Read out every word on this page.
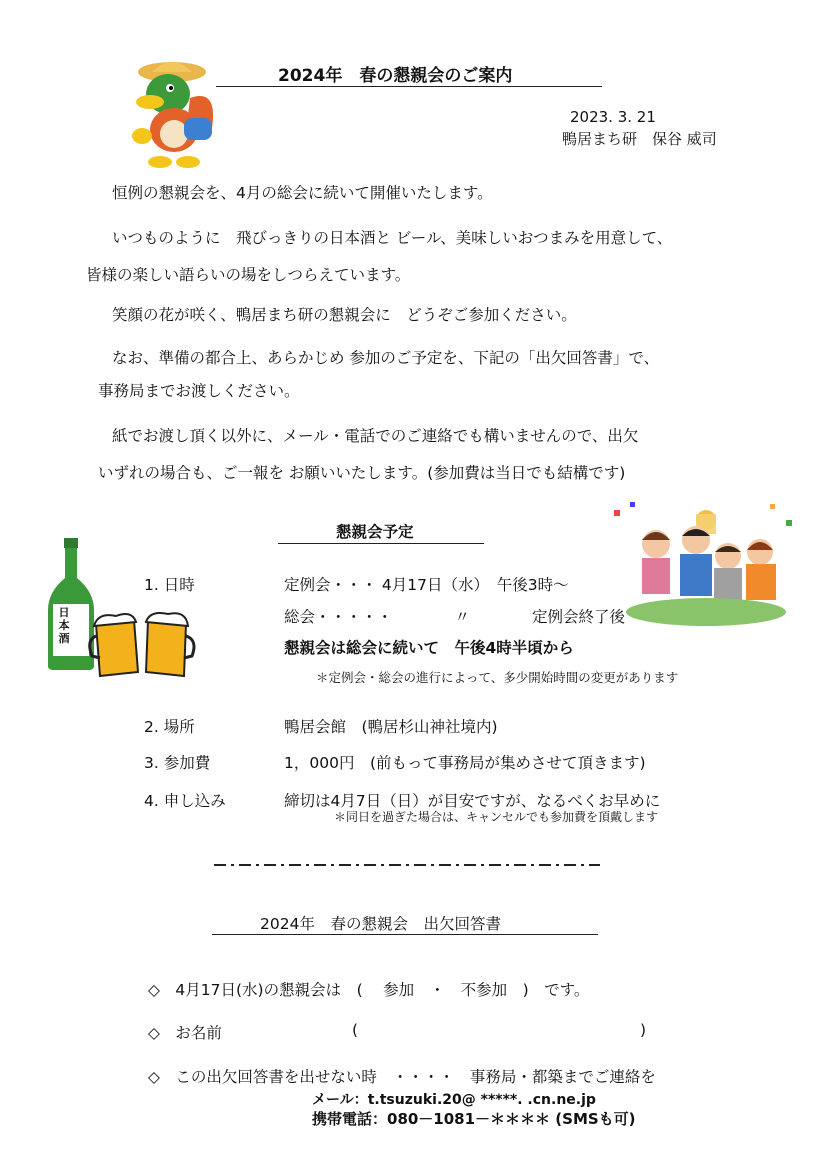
2024年　春の懇親会のご案内
2023. 3. 21
鴨居まち研　保谷 威司
恒例の懇親会を、4月の総会に続いて開催いたします。
いつものように　飛びっきりの日本酒と ビール、美味しいおつまみを用意して、
皆様の楽しい語らいの場をしつらえています。
笑顔の花が咲く、鴨居まち研の懇親会に　どうぞご参加ください。
なお、準備の都合上、あらかじめ 参加のご予定を、下記の「出欠回答書」で、
事務局までお渡しください。
紙でお渡し頂く以外に、メール・電話でのご連絡でも構いませんので、出欠
いずれの場合も、ご一報を お願いいたします。(参加費は当日でも結構です)
懇親会予定
日本酒
1. 日時	定例会・・・ 4月17日（水）　午後3時～
総会・・・・・　　　　〃　　　　定例会終了後
懇親会は総会に続いて　午後4時半頃から
＊定例会・総会の進行によって、多少開始時間の変更があります
2. 場所	鴨居会館　(鴨居杉山神社境内)
3. 参加費	1，000円　(前もって事務局が集めさせて頂きます)
4. 申し込み	締切は4月7日（日）が目安ですが、なるべくお早めに
＊同日を過ぎた場合は、キャンセルでも参加費を頂戴します
2024年　春の懇親会　出欠回答書
◇　4月17日(水)の懇親会は　(　 参加　・　不参加　)　です。
◇　お名前	(	)
◇　この出欠回答書を出せない時　・・・・　事務局・都築までご連絡を
メール：t.tsuzuki.20@ *****. .cn.ne.jp
携帯電話：080－1081－＊＊＊＊ (SMSも可)
